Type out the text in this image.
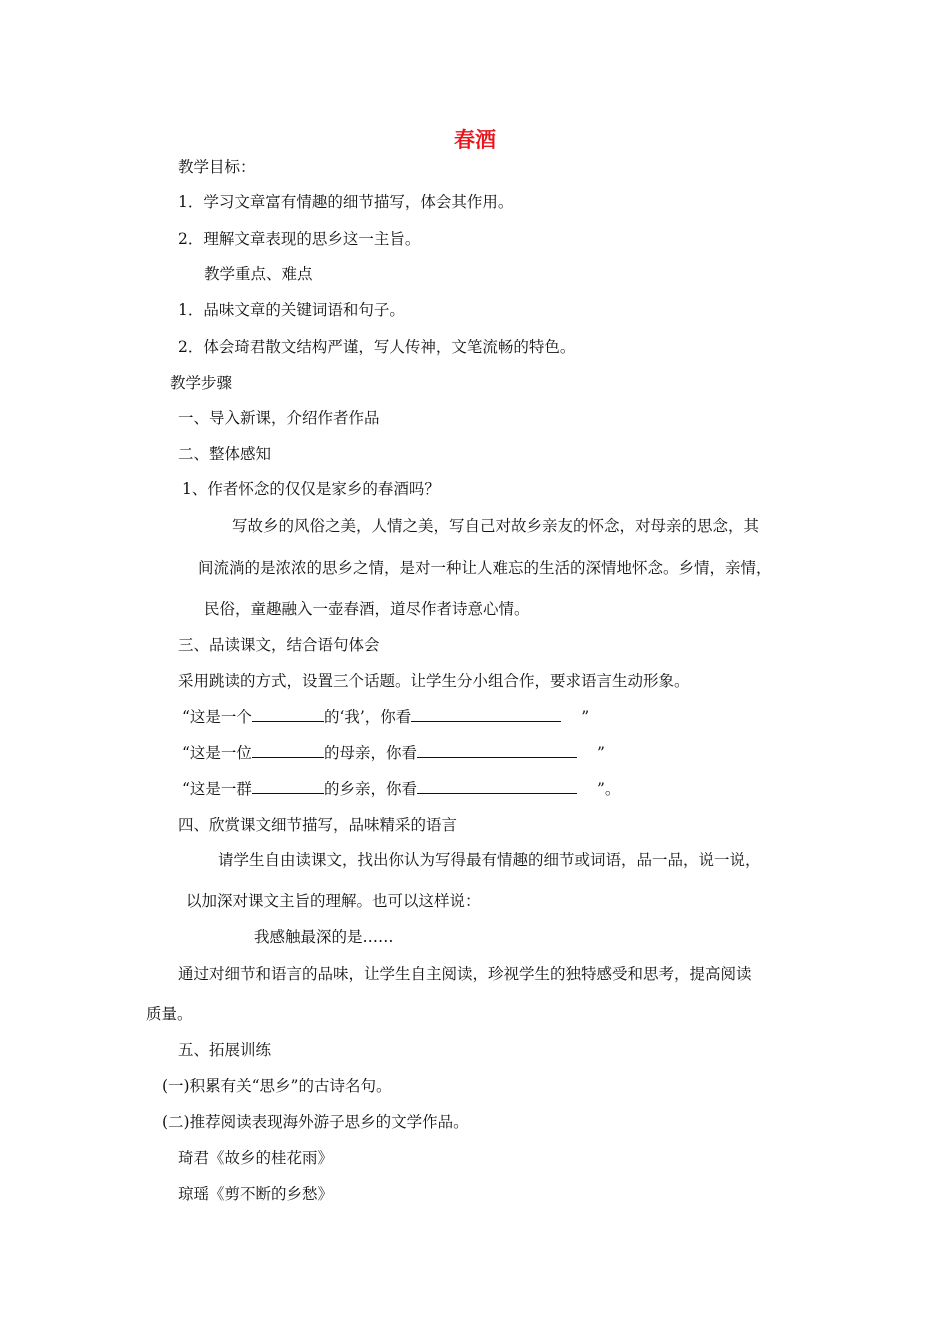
春酒
教学目标：
1．学习文章富有情趣的细节描写，体会其作用。
2．理解文章表现的思乡这一主旨。
教学重点、难点
1．品味文章的关键词语和句子。
2．体会琦君散文结构严谨，写人传神，文笔流畅的特色。
教学步骤
一、导入新课，介绍作者作品
二、整体感知
1、作者怀念的仅仅是家乡的春酒吗？
写故乡的风俗之美，人情之美，写自己对故乡亲友的怀念，对母亲的思念，其
间流淌的是浓浓的思乡之情，是对一种让人难忘的生活的深情地怀念。乡情，亲情，
民俗，童趣融入一壶春酒，道尽作者诗意心情。
三、品读课文，结合语句体会
采用跳读的方式，设置三个话题。让学生分小组合作，要求语言生动形象。
“这是一个	的‘我’，你看	”
“这是一位	的母亲，你看	”
“这是一群	的乡亲，你看	”。
四、欣赏课文细节描写，品味精采的语言
请学生自由读课文，找出你认为写得最有情趣的细节或词语，品一品，说一说，
以加深对课文主旨的理解。也可以这样说：
我感触最深的是……
通过对细节和语言的品味，让学生自主阅读，珍视学生的独特感受和思考，提高阅读
质量。
五、拓展训练
(一)积累有关“思乡”的古诗名句。
(二)推荐阅读表现海外游子思乡的文学作品。
琦君《故乡的桂花雨》
琼瑶《剪不断的乡愁》
